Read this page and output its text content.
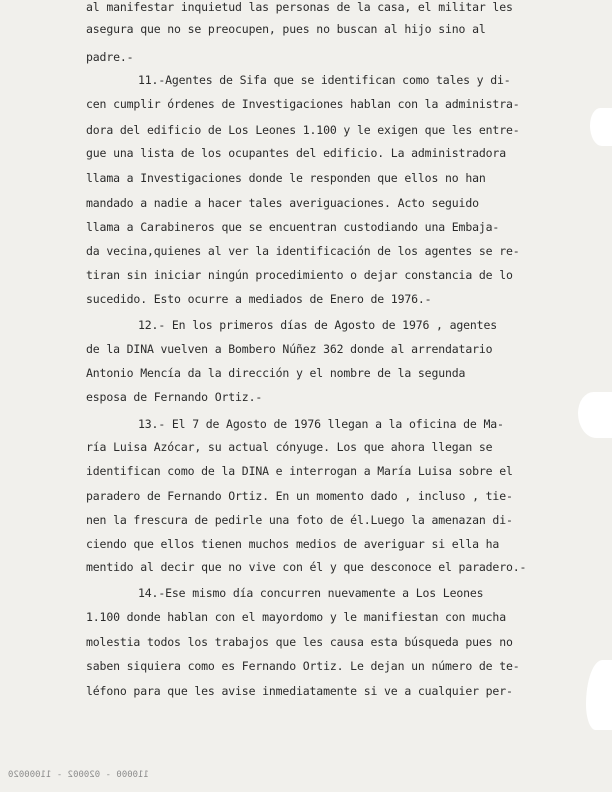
al manifestar inquietud las personas de la casa, el militar les
asegura que no se preocupen, pues no buscan al hijo sino al
padre.-
11.-Agentes de Sifa que se identifican como tales y di-
cen cumplir órdenes de Investigaciones hablan con la administra-
dora del edificio de Los Leones 1.100 y le exigen que les entre-
gue una lista de los ocupantes del edificio. La administradora
llama a Investigaciones donde le responden que ellos no han
mandado a nadie a hacer tales averiguaciones. Acto seguido
llama a Carabineros que se encuentran custodiando una Embaja-
da vecina,quienes al ver la identificación de los agentes se re-
tiran sin iniciar ningún procedimiento o dejar constancia de lo
sucedido. Esto ocurre a mediados de Enero de 1976.-
12.- En los primeros días de Agosto de 1976 , agentes
de la DINA vuelven a Bombero Núñez 362 donde al arrendatario
Antonio Mencía da la dirección y el nombre de la segunda
esposa de Fernando Ortiz.-
13.- El 7 de Agosto de 1976 llegan a la oficina de Ma-
ría Luisa Azócar, su actual cónyuge. Los que ahora llegan se
identifican como de la DINA e interrogan a María Luisa sobre el
paradero de Fernando Ortiz. En un momento dado , incluso , tie-
nen la frescura de pedirle una foto de él.Luego la amenazan di-
ciendo que ellos tienen muchos medios de averiguar si ella ha
mentido al decir que no vive con él y que desconoce el paradero.-
14.-Ese mismo día concurren nuevamente a Los Leones
1.100 donde hablan con el mayordomo y le manifiestan con mucha
molestia todos los trabajos que les causa esta búsqueda pues no
saben siquiera como es Fernando Ortiz. Le dejan un número de te-
léfono para que les avise inmediatamente si ve a cualquier per-
110000 - 020002 - 11000020
